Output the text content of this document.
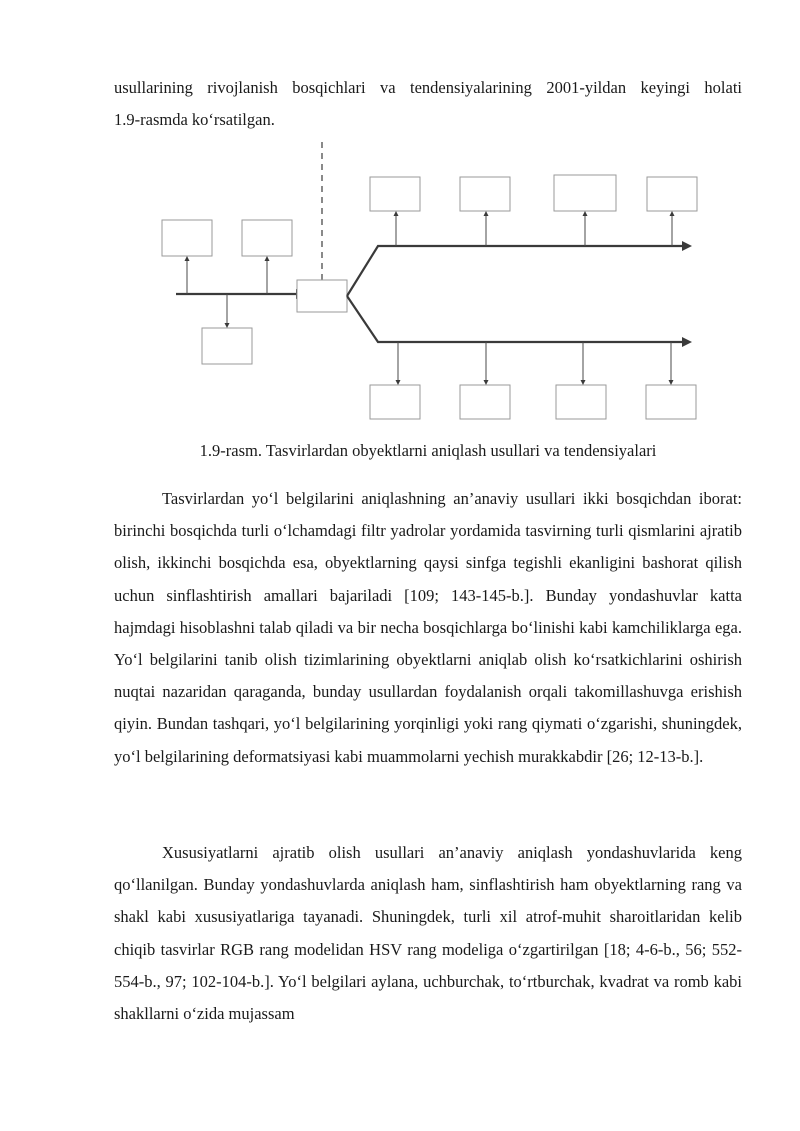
usullarining rivojlanish bosqichlari va tendensiyalarining 2001-yildan keyingi holati
1.9-rasmda ko‘rsatilgan.

1.9-rasm. Tasvirlardan obyektlarni aniqlash usullari va tendensiyalari

Tasvirlardan yo‘l belgilarini aniqlashning an’anaviy usullari ikki bosqichdan iborat: birinchi bosqichda turli o‘lchamdagi filtr yadrolar yordamida tasvirning turli qismlarini ajratib olish, ikkinchi bosqichda esa, obyektlarning qaysi sinfga tegishli ekanligini bashorat qilish uchun sinflashtirish amallari bajariladi [109; 143-145-b.]. Bunday yondashuvlar katta hajmdagi hisoblashni talab qiladi va bir necha bosqichlarga bo‘linishi kabi kamchiliklarga ega. Yo‘l belgilarini tanib olish tizimlarining obyektlarni aniqlab olish ko‘rsatkichlarini oshirish nuqtai nazaridan qaraganda, bunday usullardan foydalanish orqali takomillashuvga erishish qiyin. Bundan tashqari, yo‘l belgilarining yorqinligi yoki rang qiymati o‘zgarishi, shuningdek, yo‘l belgilarining deformatsiyasi kabi muammolarni yechish murakkabdir [26; 12-13-b.].

Xususiyatlarni ajratib olish usullari an’anaviy aniqlash yondashuvlarida keng qo‘llanilgan. Bunday yondashuvlarda aniqlash ham, sinflashtirish ham obyektlarning rang va shakl kabi xususiyatlariga tayanadi. Shuningdek, turli xil atrof-muhit sharoitlaridan kelib chiqib tasvirlar RGB rang modelidan HSV rang modeliga o‘zgartirilgan [18; 4-6-b., 56; 552-554-b., 97; 102-104-b.]. Yo‘l belgilari aylana, uchburchak, to‘rtburchak, kvadrat va romb kabi shakllarni o‘zida mujassam
